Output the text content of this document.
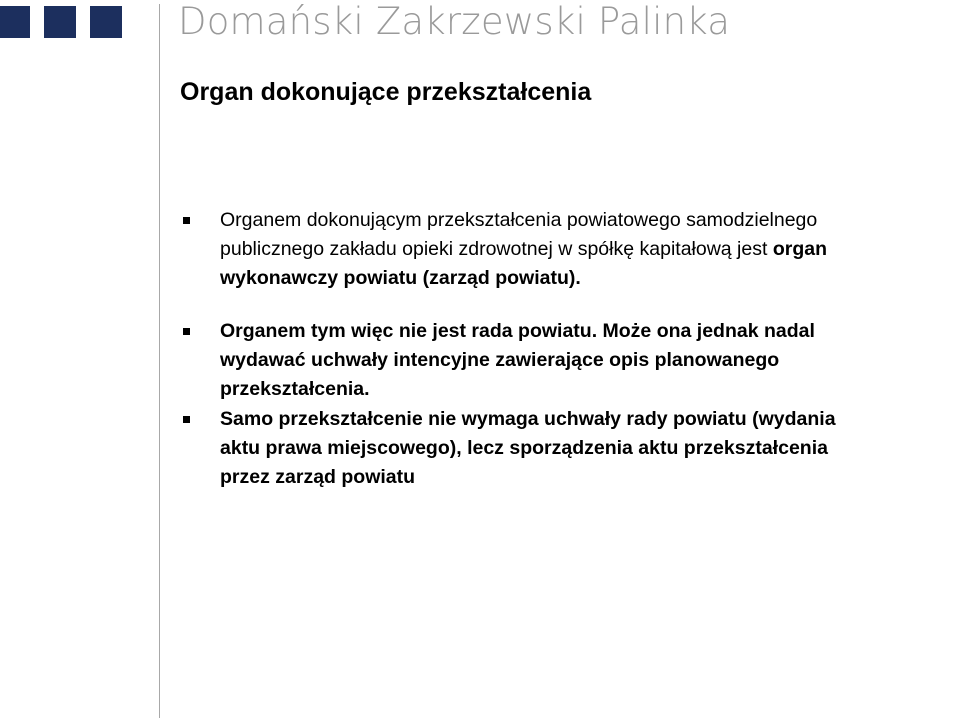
Domański Zakrzewski Palinka
Organ dokonujące przekształcenia
Organem dokonującym przekształcenia powiatowego samodzielnego
publicznego zakładu opieki zdrowotnej w spółkę kapitałową jest organ
wykonawczy powiatu (zarząd powiatu).
Organem tym więc nie jest rada powiatu. Może ona jednak nadal
wydawać uchwały intencyjne zawierające opis planowanego
przekształcenia.
Samo przekształcenie nie wymaga uchwały rady powiatu (wydania
aktu prawa miejscowego), lecz sporządzenia aktu przekształcenia
przez zarząd powiatu
